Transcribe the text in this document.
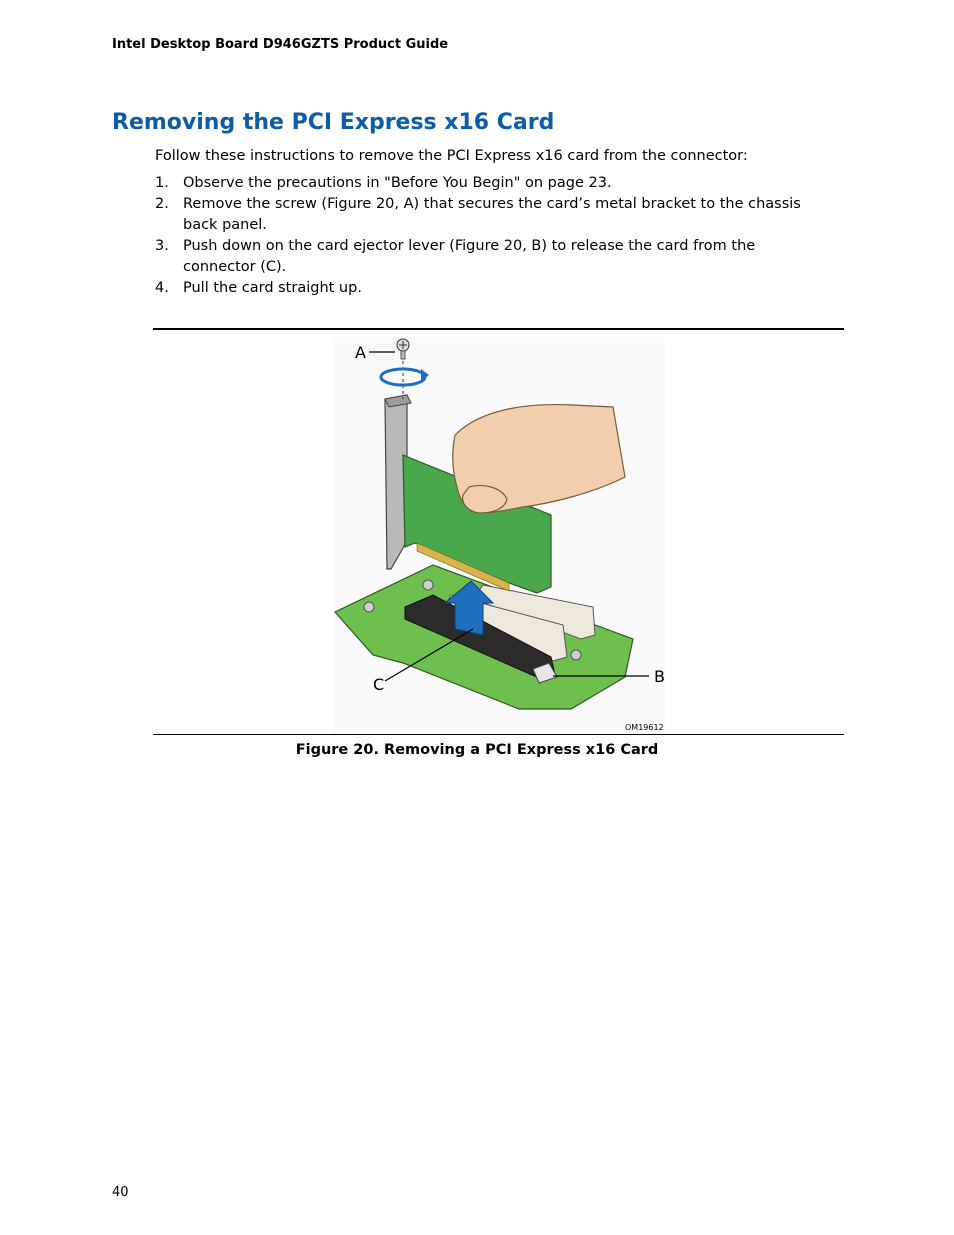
Intel Desktop Board D946GZTS Product Guide
Removing the PCI Express x16 Card
Follow these instructions to remove the PCI Express x16 card from the connector:
1. Observe the precautions in "Before You Begin" on page 23.
2. Remove the screw (Figure 20, A) that secures the card’s metal bracket to the chassis back panel.
3. Push down on the card ejector lever (Figure 20, B) to release the card from the connector (C).
4. Pull the card straight up.
A
B
C
OM19612
Figure 20. Removing a PCI Express x16 Card
40
